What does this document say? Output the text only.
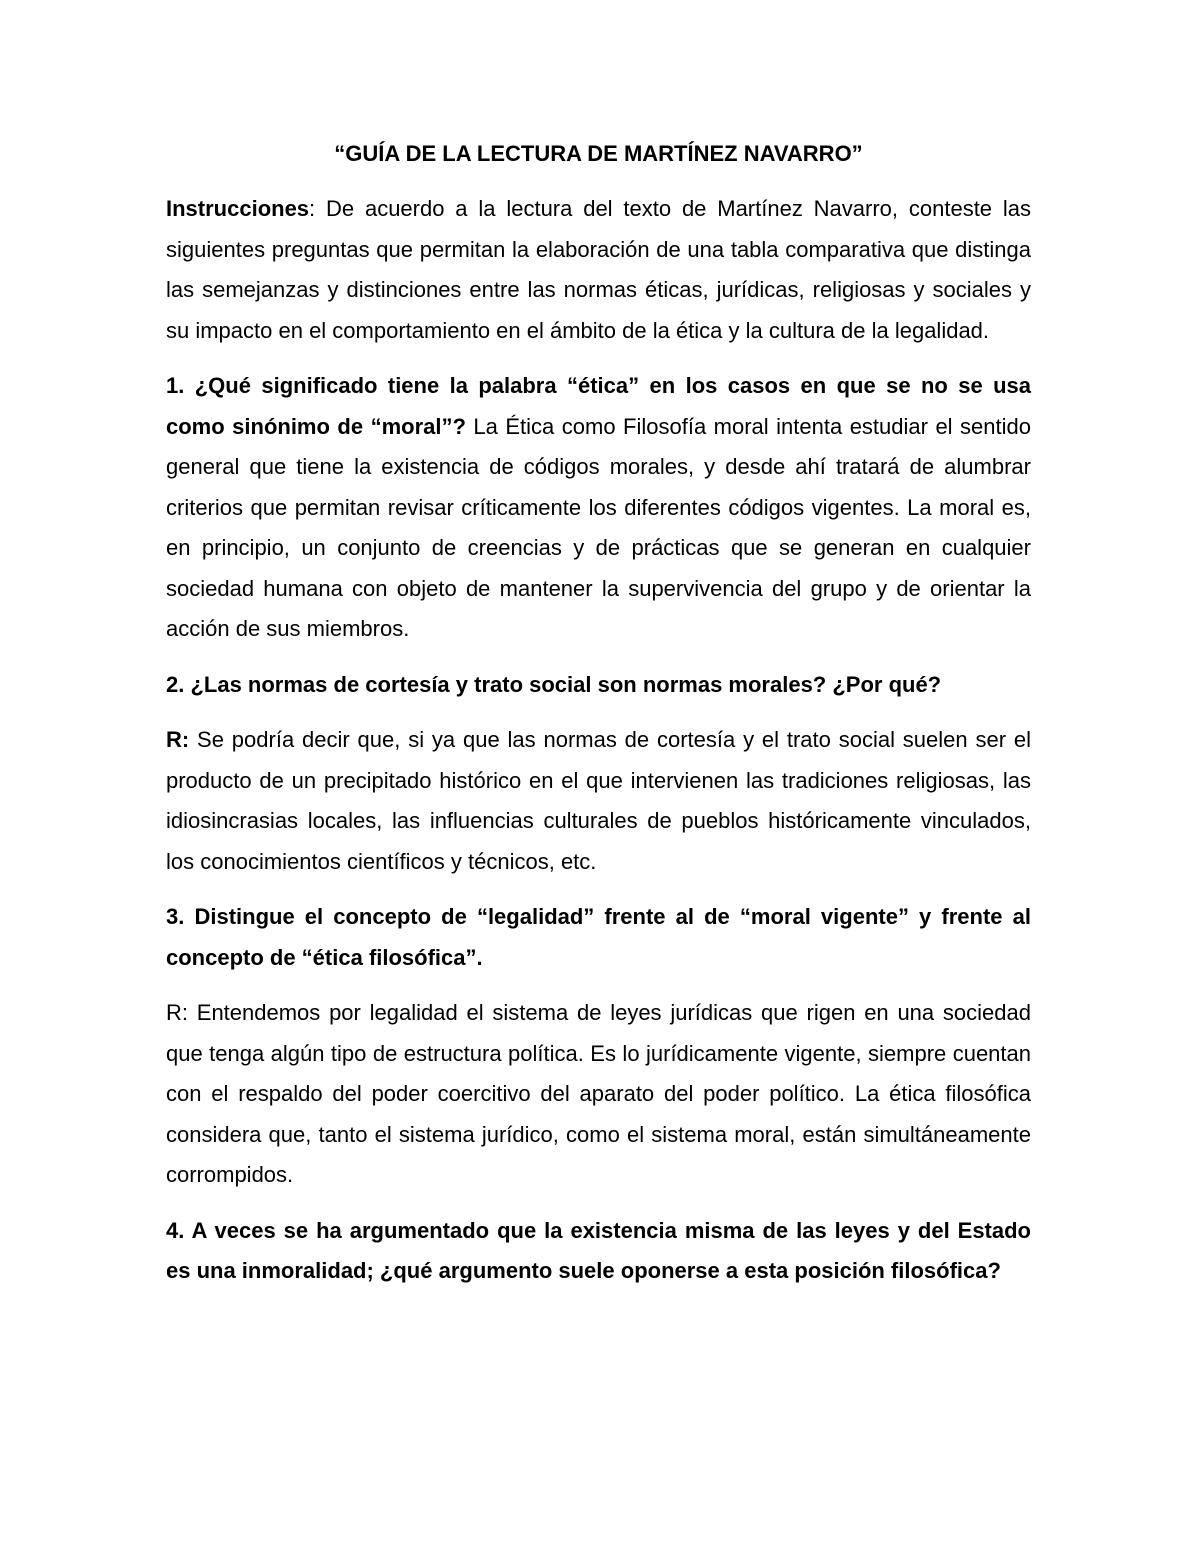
“GUÍA DE LA LECTURA DE MARTÍNEZ NAVARRO”

Instrucciones: De acuerdo a la lectura del texto de Martínez Navarro, conteste las siguientes preguntas que permitan la elaboración de una tabla comparativa que distinga las semejanzas y distinciones entre las normas éticas, jurídicas, religiosas y sociales y su impacto en el comportamiento en el ámbito de la ética y la cultura de la legalidad.

1. ¿Qué significado tiene la palabra “ética” en los casos en que se no se usa como sinónimo de “moral”? La Ética como Filosofía moral intenta estudiar el sentido general que tiene la existencia de códigos morales, y desde ahí tratará de alumbrar criterios que permitan revisar críticamente los diferentes códigos vigentes. La moral es, en principio, un conjunto de creencias y de prácticas que se generan en cualquier sociedad humana con objeto de mantener la supervivencia del grupo y de orientar la acción de sus miembros.

2. ¿Las normas de cortesía y trato social son normas morales? ¿Por qué?

R: Se podría decir que, si ya que las normas de cortesía y el trato social suelen ser el producto de un precipitado histórico en el que intervienen las tradiciones religiosas, las idiosincrasias locales, las influencias culturales de pueblos históricamente vinculados, los conocimientos científicos y técnicos, etc.

3. Distingue el concepto de “legalidad” frente al de “moral vigente” y frente al concepto de “ética filosófica”.

R: Entendemos por legalidad el sistema de leyes jurídicas que rigen en una sociedad que tenga algún tipo de estructura política. Es lo jurídicamente vigente, siempre cuentan con el respaldo del poder coercitivo del aparato del poder político. La ética filosófica considera que, tanto el sistema jurídico, como el sistema moral, están simultáneamente corrompidos.

4. A veces se ha argumentado que la existencia misma de las leyes y del Estado es una inmoralidad; ¿qué argumento suele oponerse a esta posición filosófica?
